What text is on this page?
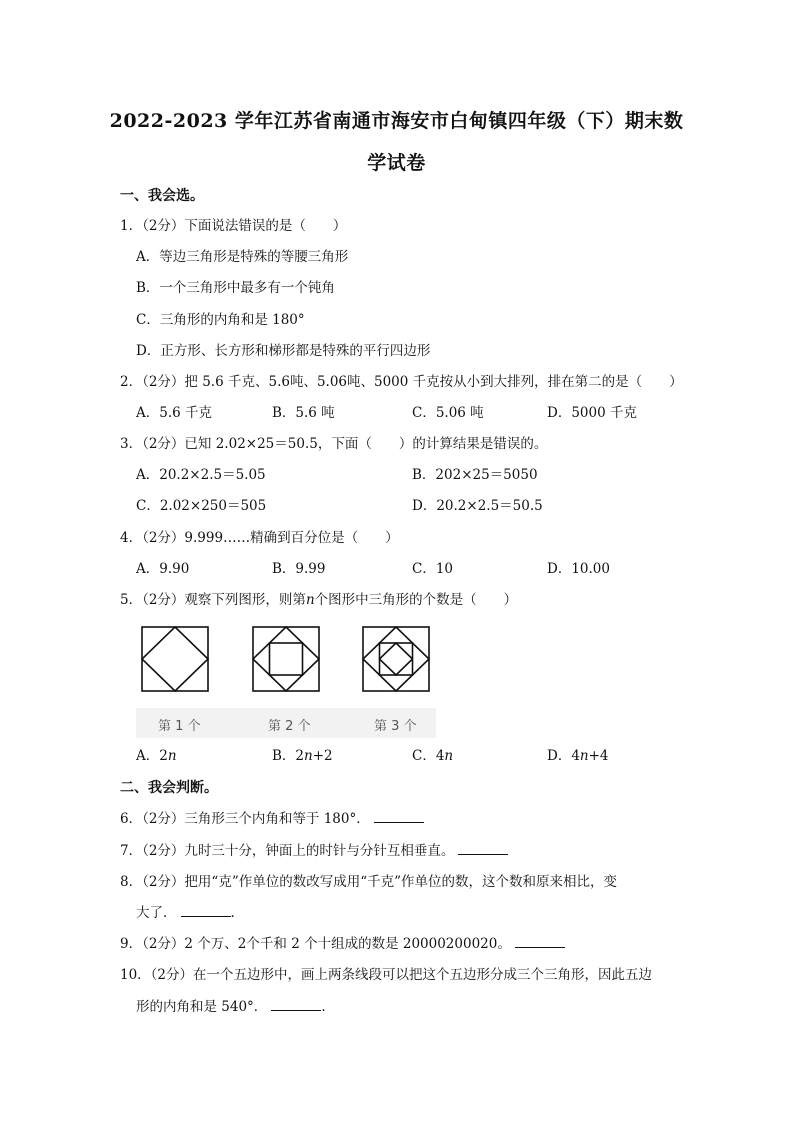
2022-2023 学年江苏省南通市海安市白甸镇四年级（下）期末数
学试卷
一、我会选。
1．（2分）下面说法错误的是（　　）
A．等边三角形是特殊的等腰三角形
B．一个三角形中最多有一个钝角
C．三角形的内角和是 180°
D．正方形、长方形和梯形都是特殊的平行四边形
2．（2分）把 5.6 千克、5.6吨、5.06吨、5000 千克按从小到大排列，排在第二的是（　　）
A．5.6 千克	B．5.6 吨	C．5.06 吨	D．5000 千克
3．（2分）已知 2.02×25＝50.5，下面（　　）的计算结果是错误的。
A．20.2×2.5＝5.05	B．202×25＝5050
C．2.02×250＝505	D．20.2×2.5＝50.5
4．（2分）9.999……精确到百分位是（　　）
A．9.90	B．9.99	C．10	D．10.00
5．（2分）观察下列图形，则第n个图形中三角形的个数是（　　）
第 1 个	第 2 个	第 3 个
A．2n	B．2n+2	C．4n	D．4n+4
二、我会判断。
6．（2分）三角形三个内角和等于 180°．
7．（2分）九时三十分，钟面上的时针与分针互相垂直。
8．（2分）把用“克”作单位的数改写成用“千克”作单位的数，这个数和原来相比，变
大了．	.
9．（2分）2 个万、2个千和 2 个十组成的数是 20000200020。
10．（2分）在一个五边形中，画上两条线段可以把这个五边形分成三个三角形，因此五边
形的内角和是 540°．	.
